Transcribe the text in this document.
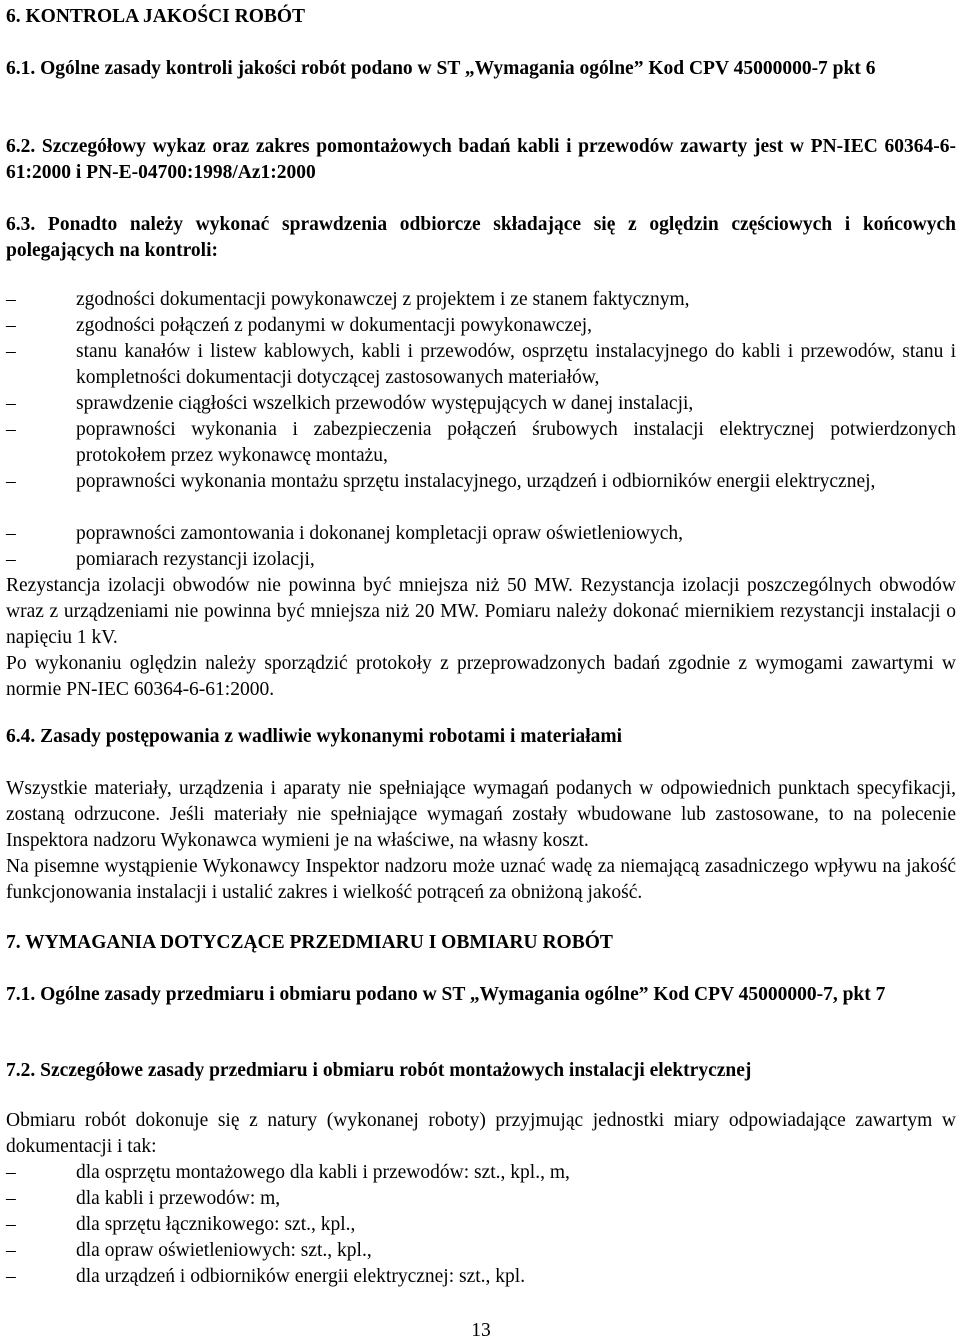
6. KONTROLA JAKOŚCI ROBÓT
6.1. Ogólne zasady kontroli jakości robót podano w ST „Wymagania ogólne” Kod CPV 45000000-7 pkt 6
6.2. Szczegółowy wykaz oraz zakres pomontażowych badań kabli i przewodów zawarty jest w PN-IEC 60364-6-61:2000 i PN-E-04700:1998/Az1:2000
6.3. Ponadto należy wykonać sprawdzenia odbiorcze składające się z oględzin częściowych i końcowych polegających na kontroli:
–	zgodności dokumentacji powykonawczej z projektem i ze stanem faktycznym,
–	zgodności połączeń z podanymi w dokumentacji powykonawczej,
–	stanu kanałów i listew kablowych, kabli i przewodów, osprzętu instalacyjnego do kabli i przewodów, stanu i kompletności dokumentacji dotyczącej zastosowanych materiałów,
–	sprawdzenie ciągłości wszelkich przewodów występujących w danej instalacji,
–	poprawności wykonania i zabezpieczenia połączeń śrubowych instalacji elektrycznej potwierdzonych protokołem przez wykonawcę montażu,
–	poprawności wykonania montażu sprzętu instalacyjnego, urządzeń i odbiorników energii elektrycznej,
–	poprawności zamontowania i dokonanej kompletacji opraw oświetleniowych,
–	pomiarach rezystancji izolacji,
Rezystancja izolacji obwodów nie powinna być mniejsza niż 50 MW. Rezystancja izolacji poszczególnych obwodów wraz z urządzeniami nie powinna być mniejsza niż 20 MW. Pomiaru należy dokonać miernikiem rezystancji instalacji o napięciu 1 kV.
Po wykonaniu oględzin należy sporządzić protokoły z przeprowadzonych badań zgodnie z wymogami zawartymi w normie PN-IEC 60364-6-61:2000.
6.4. Zasady postępowania z wadliwie wykonanymi robotami i materiałami
Wszystkie materiały, urządzenia i aparaty nie spełniające wymagań podanych w odpowiednich punktach specyfikacji, zostaną odrzucone. Jeśli materiały nie spełniające wymagań zostały wbudowane lub zastosowane, to na polecenie Inspektora nadzoru Wykonawca wymieni je na właściwe, na własny koszt.
Na pisemne wystąpienie Wykonawcy Inspektor nadzoru może uznać wadę za niemającą zasadniczego wpływu na jakość funkcjonowania instalacji i ustalić zakres i wielkość potrąceń za obniżoną jakość.
7. WYMAGANIA DOTYCZĄCE PRZEDMIARU I OBMIARU ROBÓT
7.1. Ogólne zasady przedmiaru i obmiaru podano w ST „Wymagania ogólne” Kod CPV 45000000-7, pkt 7
7.2. Szczegółowe zasady przedmiaru i obmiaru robót montażowych instalacji elektrycznej
Obmiaru robót dokonuje się z natury (wykonanej roboty) przyjmując jednostki miary odpowiadające zawartym w dokumentacji i tak:
–	dla osprzętu montażowego dla kabli i przewodów: szt., kpl., m,
–	dla kabli i przewodów: m,
–	dla sprzętu łącznikowego: szt., kpl.,
–	dla opraw oświetleniowych: szt., kpl.,
–	dla urządzeń i odbiorników energii elektrycznej: szt., kpl.
13
